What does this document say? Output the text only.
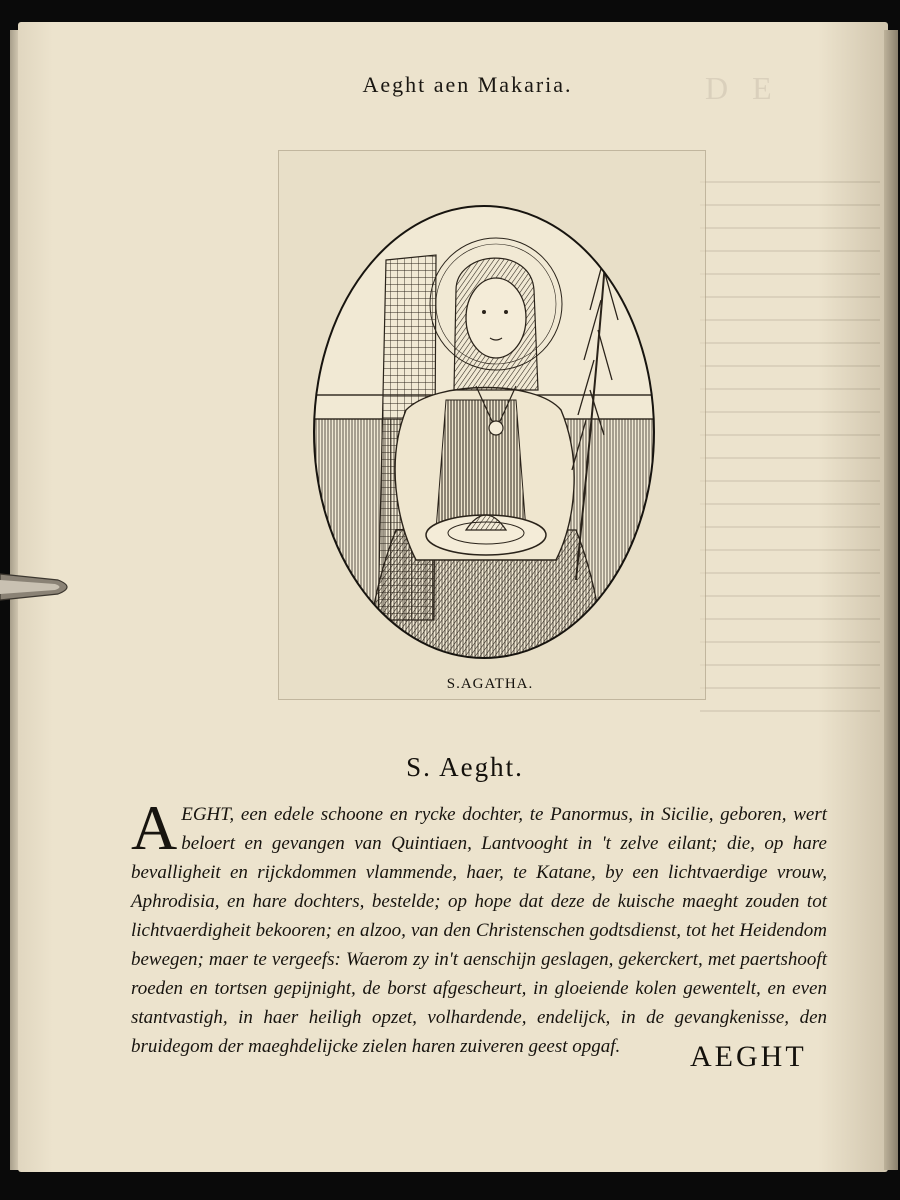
D E
Aeght aen Makaria.
S.AGATHA.
S. Aeght.
AEGHT, een edele schoone en rycke dochter, te Panormus, in Sicilie, geboren, wert beloert en gevangen van Quintiaen, Lantvooght in 't zelve eilant; die, op hare bevalligheit en rijckdommen vlammende, haer, te Katane, by een lichtvaerdige vrouw, Aphrodisia, en hare dochters, bestelde; op hope dat deze de kuische maeght zouden tot lichtvaerdigheit bekooren; en alzoo, van den Christenschen godtsdienst, tot het Heidendom bewegen; maer te vergeefs: Waerom zy in't aenschijn geslagen, gekerckert, met paertshooft roeden en tortsen gepijnight, de borst afgescheurt, in gloeiende kolen gewentelt, en even stantvastigh, in haer heiligh opzet, volhardende, endelijck, in de gevangkenisse, den bruidegom der maeghdelijcke zielen haren zuiveren geest opgaf.	AEGHT
